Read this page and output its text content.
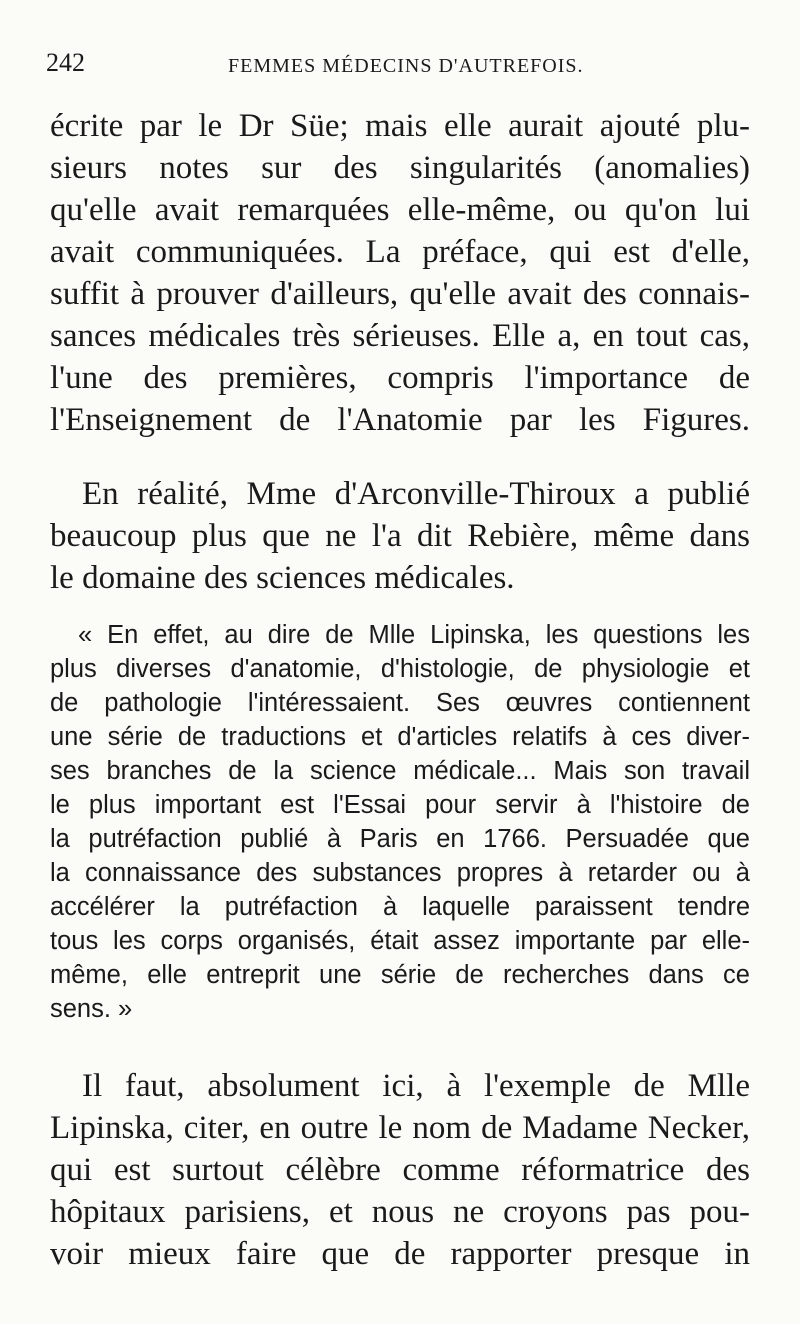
242	FEMMES MÉDECINS D'AUTREFOIS.

écrite par le Dr Süe; mais elle aurait ajouté plu-

sieurs notes sur des singularités (anomalies)

qu'elle avait remarquées elle-même, ou qu'on lui

avait communiquées. La préface, qui est d'elle,

suffit à prouver d'ailleurs, qu'elle avait des connais-

sances médicales très sérieuses. Elle a, en tout cas,

l'une des premières, compris l'importance de

l'Enseignement de l'Anatomie par les Figures.

En réalité, Mme d'Arconville-Thiroux a publié

beaucoup plus que ne l'a dit Rebière, même dans

le domaine des sciences médicales.

« En effet, au dire de Mlle Lipinska, les questions les

plus diverses d'anatomie, d'histologie, de physiologie et

de pathologie l'intéressaient. Ses œuvres contiennent

une série de traductions et d'articles relatifs à ces diver-

ses branches de la science médicale... Mais son travail

le plus important est l'Essai pour servir à l'histoire de

la putréfaction publié à Paris en 1766. Persuadée que

la connaissance des substances propres à retarder ou à

accélérer la putréfaction à laquelle paraissent tendre

tous les corps organisés, était assez importante par elle-

même, elle entreprit une série de recherches dans ce

sens. »

Il faut, absolument ici, à l'exemple de Mlle

Lipinska, citer, en outre le nom de Madame Necker,

qui est surtout célèbre comme réformatrice des

hôpitaux parisiens, et nous ne croyons pas pou-

voir mieux faire que de rapporter presque in
